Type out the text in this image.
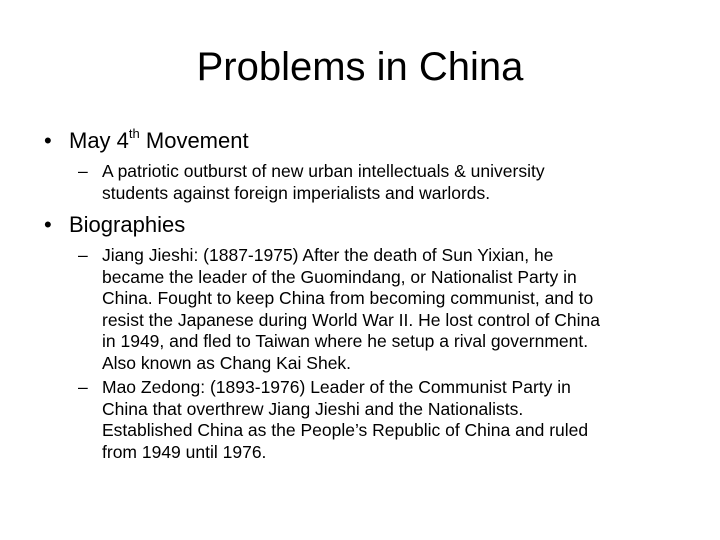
Problems in China
• May 4th Movement
– A patriotic outburst of new urban intellectuals & university
students against foreign imperialists and warlords.
• Biographies
– Jiang Jieshi: (1887-1975) After the death of Sun Yixian, he
became the leader of the Guomindang, or Nationalist Party in
China. Fought to keep China from becoming communist, and to
resist the Japanese during World War II. He lost control of China
in 1949, and fled to Taiwan where he setup a rival government.
Also known as Chang Kai Shek.
– Mao Zedong: (1893-1976) Leader of the Communist Party in
China that overthrew Jiang Jieshi and the Nationalists.
Established China as the People’s Republic of China and ruled
from 1949 until 1976.
